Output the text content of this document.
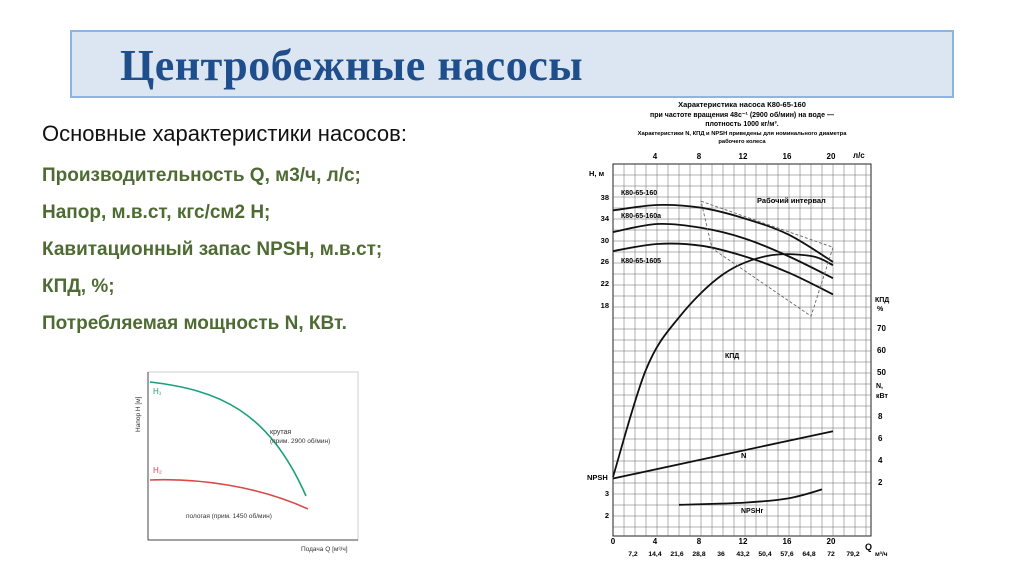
Центробежные насосы
Основные характеристики насосов:
Производительность Q, м3/ч, л/с;
Напор, м.в.ст, кгс/см2 H;
Кавитационный запас NPSH, м.в.ст;
КПД, %;
Потребляемая мощность N, КВт.
H₁
H₂
крутая
(прим. 2900 об/мин)
пологая (прим. 1450 об/мин)
Подача Q [м³/ч]
Напор Н [м]
Характеристика насоса К80-65-160
при частоте вращения 48с⁻¹ (2900 об/мин) на воде —
плотность 1000 кг/м³.
Характеристики N, КПД и NPSH приведены для номинального диаметра
рабочего колеса
Н, м
л/с
КПД
%
N,
кВт
NPSH
Q
м³/ч
Рабочий интервал
К80-65-160
К80-65-160а
К80-65-1605
КПД
N
NPSHr
4	8	12	16	20
0	4	8	12	16	20
7,2 14,4 21,6 28,8 36 43,2 50,4 57,6 64,8 72 79,2
38
34
30
26
22
18
3
2
70
60
50
8
6
4
2
